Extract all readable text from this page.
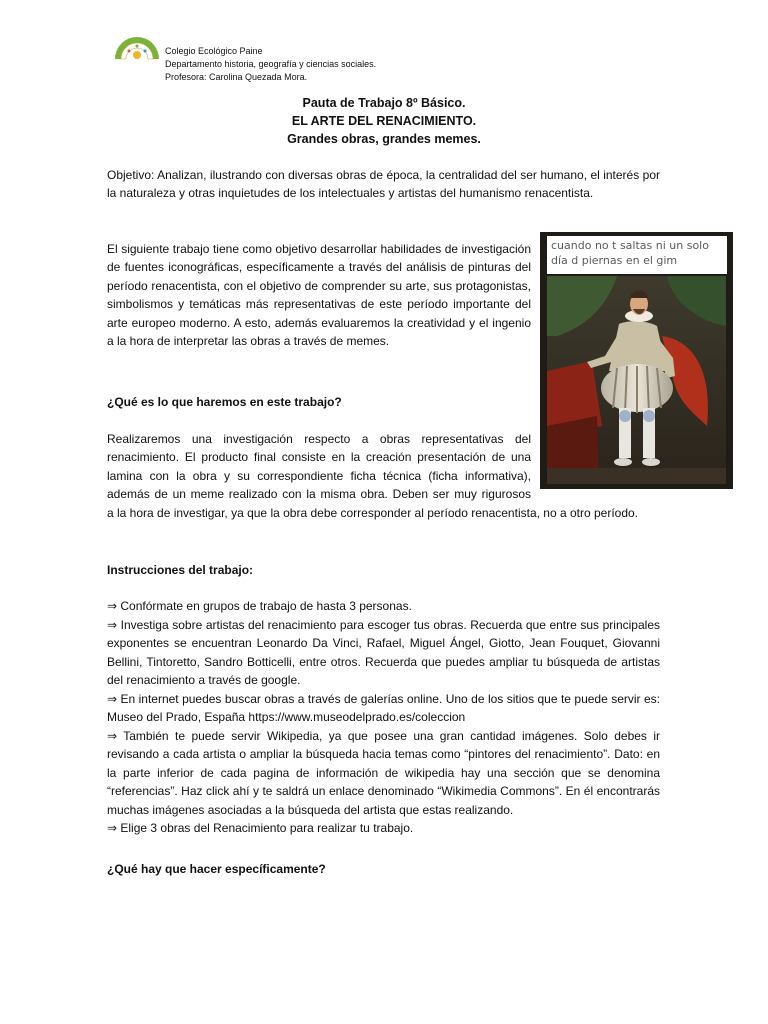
Colegio Ecológico Paine
Departamento historia, geografía y ciencias sociales.
Profesora: Carolina Quezada Mora.
Pauta de Trabajo 8º Básico.
EL ARTE DEL RENACIMIENTO.
Grandes obras, grandes memes.

Objetivo: Analizan, ilustrando con diversas obras de época, la centralidad del ser humano, el interés por la naturaleza y otras inquietudes de los intelectuales y artistas del humanismo renacentista.

El siguiente trabajo tiene como objetivo desarrollar habilidades de investigación de fuentes iconográficas, específicamente a través del análisis de pinturas del período renacentista, con el objetivo de comprender su arte, sus protagonistas, simbolismos y temáticas más representativas de este período importante del arte europeo moderno. A esto, además evaluaremos la creatividad y el ingenio a la hora de interpretar las obras a través de memes.

¿Qué es lo que haremos en este trabajo?

Realizaremos una investigación respecto a obras representativas del
renacimiento. El producto final consiste en la creación presentación de una
lamina con la obra y su correspondiente ficha técnica (ficha informativa),
además de un meme realizado con la misma obra. Deben ser muy rigurosos

a la hora de investigar, ya que la obra debe corresponder al período renacentista, no a otro período.

Instrucciones del trabajo:

⇒ Confórmate en grupos de trabajo de hasta 3 personas.

⇒ Investiga sobre artistas del renacimiento para escoger tus obras. Recuerda que entre sus principales exponentes se encuentran Leonardo Da Vinci, Rafael, Miguel Ángel, Giotto, Jean Fouquet, Giovanni Bellini, Tintoretto, Sandro Botticelli, entre otros. Recuerda que puedes ampliar tu búsqueda de artistas del renacimiento a través de google.

⇒ En internet puedes buscar obras a través de galerías online. Uno de los sitios que te puede servir es: Museo del Prado, España https://www.museodelprado.es/coleccion

⇒ También te puede servir Wikipedia, ya que posee una gran cantidad imágenes. Solo debes ir revisando a cada artista o ampliar la búsqueda hacia temas como “pintores del renacimiento”. Dato: en la parte inferior de cada pagina de información de wikipedia hay una sección que se denomina “referencias”. Haz click ahí y te saldrá un enlace denominado “Wikimedia Commons”. En él encontrarás muchas imágenes asociadas a la búsqueda del artista que estas realizando.

⇒ Elige 3 obras del Renacimiento para realizar tu trabajo.

¿Qué hay que hacer específicamente?

cuando no t saltas ni un solo día d piernas en el gim
